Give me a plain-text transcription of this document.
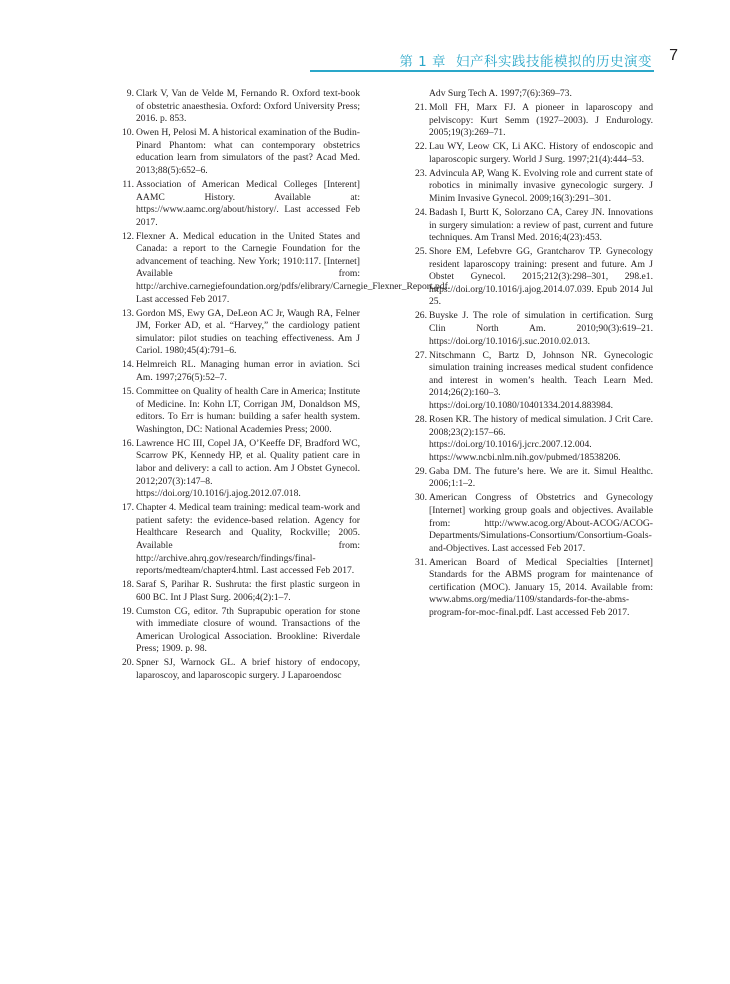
第 1 章 妇产科实践技能模拟的历史演变 7
9. Clark V, Van de Velde M, Fernando R. Oxford text-book of obstetric anaesthesia. Oxford: Oxford University Press; 2016. p. 853.
10. Owen H, Pelosi M. A historical examination of the Budin-Pinard Phantom: what can contemporary obstetrics education learn from simulators of the past? Acad Med. 2013;88(5):652–6.
11. Association of American Medical Colleges [Interent] AAMC History. Available at: https://www.aamc.org/about/history/. Last accessed Feb 2017.
12. Flexner A. Medical education in the United States and Canada: a report to the Carnegie Foundation for the advancement of teaching. New York; 1910:117. [Internet] Available from: http://archive.carnegiefoundation.org/pdfs/elibrary/Carnegie_Flexner_Report.pdf. Last accessed Feb 2017.
13. Gordon MS, Ewy GA, DeLeon AC Jr, Waugh RA, Felner JM, Forker AD, et al. “Harvey,” the cardiology patient simulator: pilot studies on teaching effectiveness. Am J Cariol. 1980;45(4):791–6.
14. Helmreich RL. Managing human error in aviation. Sci Am. 1997;276(5):52–7.
15. Committee on Quality of health Care in America; Institute of Medicine. In: Kohn LT, Corrigan JM, Donaldson MS, editors. To Err is human: building a safer health system. Washington, DC: National Academies Press; 2000.
16. Lawrence HC III, Copel JA, O’Keeffe DF, Bradford WC, Scarrow PK, Kennedy HP, et al. Quality patient care in labor and delivery: a call to action. Am J Obstet Gynecol. 2012;207(3):147–8. https://doi.org/10.1016/j.ajog.2012.07.018.
17. Chapter 4. Medical team training: medical team-work and patient safety: the evidence-based relation. Agency for Healthcare Research and Quality, Rockville; 2005. Available from: http://archive.ahrq.gov/research/findings/final-reports/medteam/chapter4.html. Last accessed Feb 2017.
18. Saraf S, Parihar R. Sushruta: the first plastic surgeon in 600 BC. Int J Plast Surg. 2006;4(2):1–7.
19. Cumston CG, editor. 7th Suprapubic operation for stone with immediate closure of wound. Transactions of the American Urological Association. Brookline: Riverdale Press; 1909. p. 98.
20. Spner SJ, Warnock GL. A brief history of endocopy, laparoscoy, and laparoscopic surgery. J Laparoendosc
Adv Surg Tech A. 1997;7(6):369–73.
21. Moll FH, Marx FJ. A pioneer in laparoscopy and pelviscopy: Kurt Semm (1927–2003). J Endurology. 2005;19(3):269–71.
22. Lau WY, Leow CK, Li AKC. History of endoscopic and laparoscopic surgery. World J Surg. 1997;21(4):444–53.
23. Advincula AP, Wang K. Evolving role and current state of robotics in minimally invasive gynecologic surgery. J Minim Invasive Gynecol. 2009;16(3):291–301.
24. Badash I, Burtt K, Solorzano CA, Carey JN. Innovations in surgery simulation: a review of past, current and future techniques. Am Transl Med. 2016;4(23):453.
25. Shore EM, Lefebvre GG, Grantcharov TP. Gynecology resident laparoscopy training: present and future. Am J Obstet Gynecol. 2015;212(3):298–301, 298.e1. https://doi.org/10.1016/j.ajog.2014.07.039. Epub 2014 Jul 25.
26. Buyske J. The role of simulation in certification. Surg Clin North Am. 2010;90(3):619–21. https://doi.org/10.1016/j.suc.2010.02.013.
27. Nitschmann C, Bartz D, Johnson NR. Gynecologic simulation training increases medical student confidence and interest in women’s health. Teach Learn Med. 2014;26(2):160–3. https://doi.org/10.1080/10401334.2014.883984.
28. Rosen KR. The history of medical simulation. J Crit Care. 2008;23(2):157–66. https://doi.org/10.1016/j.jcrc.2007.12.004. https://www.ncbi.nlm.nih.gov/pubmed/18538206.
29. Gaba DM. The future’s here. We are it. Simul Healthc. 2006;1:1–2.
30. American Congress of Obstetrics and Gynecology [Internet] working group goals and objectives. Available from: http://www.acog.org/About-ACOG/ACOG-Departments/Simulations-Consortium/Consortium-Goals-and-Objectives. Last accessed Feb 2017.
31. American Board of Medical Specialties [Internet] Standards for the ABMS program for maintenance of certification (MOC). January 15, 2014. Available from: www.abms.org/media/1109/standards-for-the-abms-program-for-moc-final.pdf. Last accessed Feb 2017.
